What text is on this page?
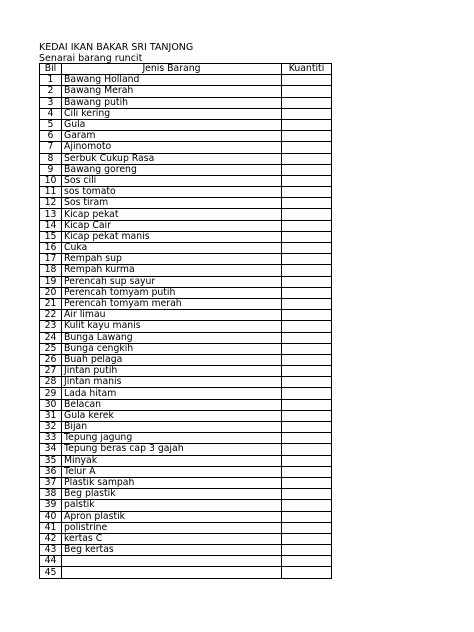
KEDAI IKAN BAKAR SRI TANJONG
Senarai barang runcit
Bil	Jenis Barang	Kuantiti
1	Bawang Holland	
2	Bawang Merah	
3	Bawang putih	
4	Cili kering	
5	Gula	
6	Garam	
7	Ajinomoto	
8	Serbuk Cukup Rasa	
9	Bawang goreng	
10	Sos cili	
11	sos tomato	
12	Sos tiram	
13	Kicap pekat	
14	Kicap Cair	
15	Kicap pekat manis	
16	Cuka	
17	Rempah sup	
18	Rempah kurma	
19	Perencah sup sayur	
20	Perencah tomyam putih	
21	Perencah tomyam merah	
22	Air limau	
23	Kulit kayu manis	
24	Bunga Lawang	
25	Bunga cengkih	
26	Buah pelaga	
27	Jintan putih	
28	Jintan manis	
29	Lada hitam	
30	Belacan	
31	Gula kerek	
32	Bijan	
33	Tepung jagung	
34	Tepung beras cap 3 gajah	
35	Minyak	
36	Telur A	
37	Plastik sampah	
38	Beg plastik	
39	palstik	
40	Apron plastik	
41	polistrine	
42	kertas C	
43	Beg kertas	
44		
45		
